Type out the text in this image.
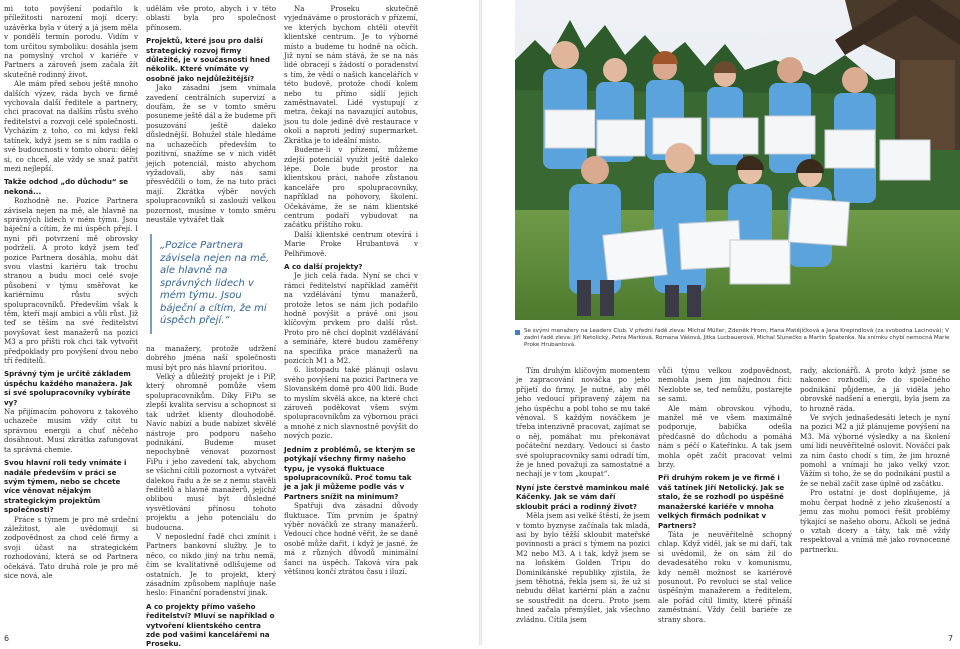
mi toto povýšení podařilo k příležitosti narození mojí dcery: uzávěrka byla v úterý a já jsem měla v pondělí termín porodu. Vidím v tom určitou symboliku: dosáhla jsem na pomyslný vrchol v kariéře v Partners a zároveň jsem začala žít skutečně rodinný život.

Ale mám před sebou ještě mnoho dalších výzev, ráda bych ve firmě vychovala další ředitele a partnery, chci pracovat na dalším růstu svého ředitelství a rozvoji celé společnosti. Vycházím z toho, co mi kdysi řekl tatínek, když jsem se s ním radila o své budoucnosti v tomto oboru: dělej si, co chceš, ale vždy se snaž patřit mezi nejlepší.

Takže odchod „do důchodu“ se nekoná...

Rozhodně ne. Pozice Partnera závisela nejen na mě, ale hlavně na správných lidech v mém týmu. Jsou báječní a cítím, že mi úspěch přejí. I nyní při potvrzení mě obrovsky podrželi. A proto když jsem teď pozice Partnera dosáhla, mohu dát svou vlastní kariéru tak trochu stranou a budu moci celé svoje působení v týmu směřovat ke kariérnímu růstu svých spolupracovníků. Především však k těm, kteří mají ambici a vůli růst. Již teď se těším na své ředitelství povyšovat šest manažerů na pozici M3 a pro přišti rok chci tak vytvořit předpoklady pro povýšení dvou nebo tří ředitelů.

Správný tým je určitě základem úspěchu každého manažera. Jak si své spolupracovníky vybíráte vy?

Na přijímacím pohovoru z takového uchazeče musím vždy cítit tu správnou energii a chuť něčeho dosáhnout. Musí zkrátka zafungovat ta správná chemie.

Svou hlavní roli tedy vnímáte i nadále především v práci se svým týmem, nebo se chcete více věnovat nějakým strategickým projektům společnosti?

Práce s týmem je pro mě srdeční záležitost, ale uvědomuji si zodpovědnost za chod celé firmy a svoji účast na strategickém rozhodování, která se od Partnera očekává. Tato druhá role je pro mě sice nová, ale

udělám vše proto, abych i v této oblasti byla pro společnost přínosem.

Projektů, které jsou pro další strategický rozvoj firmy důležité, je v současnosti hned několik. Které vnímáte vy osobně jako nejdůležitější?

Jako zásadní jsem vnímala zavedení centrálních supervizí a doufám, že se v tomto směru posuneme ještě dál a že budeme při posuzování ještě daleko důslednější. Bohužel stále hledáme na uchazečích především to pozitivní, snažíme se v nich vidět jejich potenciál, místo abychom vyžadovali, aby nás sami přesvědčili o tom, že na tuto práci mají. Zkrátka výběr nových spolupracovníků si zaslouží velkou pozornost, musíme v tomto směru neustále vytvářet tlak

„Pozice Partnera závisela nejen na mě, ale hlavně na správných lidech v mém týmu. Jsou báječní a cítím, že mi úspěch přejí.“

na manažery, protože udržení dobrého jména naší společnosti musí být pro nás hlavní prioritou.

Velký a důležitý projekt je i PiP, který ohromně pomůže všem spolupracovníkům. Díky FiPu se zlepší kvalita servisu a schopnost si tak udržet klienty dlouhodobě. Navíc nabízí a bude nabízet skvělé nástroje pro podporu našeho podnikání. Budeme muset nepochybně vénovat pozornost FiPu i jeho zavedení tak, abychom se všichni cítili pozornost a vytvářet dalekou řadu a že se z nemu stavěli ředitelů a hlavně manažerů, jejichž oblibou musí být důsledné vysvětlování přínosu tohoto projektu a jeho potenciálu do budoucna.

V neposlední řadě chci zmínit i Partners bankovní služby. Je to něco, co nikdo jiný na trhu nemá, čím se kvalitativně odlišujeme od ostatních. Je to projekt, který zásadním způsobem naplňuje naše heslo: Finanční poradenství jinak.

A co projekty přímo vašeho ředitelství? Mluví se například o vytvoření klientského centra zde pod vašimi kancelářemi na Proseku.

Na Proseku skutečně vyjednáváme o prostorách v přízemí, ve kterých bychom chtěli otevřít klientské centrum. Je to výborné místo a budeme tu hodně na očích. Již nyní se nám stává, že se na nás lidé obracejí s žádostí o poradenství s tím, že vědí o našich kancelářích v této budově, protože chodí kolem nebo tu přímo sídlí jejich zaměstnavatel. Lidé vystupují z metra, čekají na navazující autobus, jsou tu dole jedině dvě restaurace v okolí a naproti jediný supermarket. Zkrátka je to ideální místo.

Budeme-li v přízemí, můžeme zdejší potenciál využít ještě daleko lépe. Dole bude prostor na klientskou práci, nahoře zůstanou kanceláře pro spolupracovníky, například na pohovory, školení. Očekáváme, že se nám klientské centrum podaří vybudovat na začátku příštího roku.

Další klientské centrum otevírá i Marie Proke Hrubantová v Pelhřimově.

A co další projekty?

Je jich celá řada. Nyní se chci v rámci ředitelství například zaměřit na vzdělávání týmu manažerů, protože letos se nám jich podařilo hodně povýšit a právě oni jsou klíčovým prvkem pro další růst. Proto pro ně chci doplnit vzdělávání a semináře, které budou zaměřeny na specifika práce manažerů na pozicích M1 a M2.

6. listopadu také plánuji oslavu svého povýšení na pozici Partnera ve Slovanském domě pro 400 lidí. Bude to myslím skvělá akce, na které chci zároveň poděkovat všem svým spolupracovníkům za výbornou práci a mnohé z nich slavnostně povýšit do nových pozic.

Jedním z problémů, se kterým se potýkají všechny firmy našeho typu, je vysoká fluktuace spolupracovníků. Proč tomu tak je a jak ji můžeme podle vás v Partners snížit na minimum?

Spatřuji dva zásadní důvody fluktuace. Tím prvním je špatný výběr nováčků ze strany manažerů. Vedoucí chce hodně věřit, že se daně osobě může dařit, i když je jasné, že má z různých důvodů minimální šanci na úspěch. Taková víra pak většinou končí ztrátou času i iluzí.

Se svými manažery na Leaders Club. V přední řadě zleva: Michal Müller, Zdeněk Hrom, Hana Matějíčková a Jana Krepindlová (za svobodna Lacinová); V zadní řadě zleva: Jiří Netolický, Petra Marková, Romana Vášová, Jitka Lucbauerová, Michal Slunečko a Martin Špatenka. Na snímku chybí nemocná Marie Proke Hrubantová.

Tím druhým klíčovým momentem je zapracování nováčka po jeho příjetí do firmy. Je nutné, aby měl jeho vedoucí připravený zájem na jeho úspěchu a pobl toho se mu také věnoval. S každým nováčkem je třeba intenzivně pracovat, zajímat se o něj, pomáhat mu překonávat počáteční nezdary. Vedoucí si často své spolupracovníky sami odradí tím, že je hned považují za samostatné a nechají je v tom „koupat“.

Nyní jste čerstvě maminkou malé Káčenky. Jak se vám daří skloubit práci a rodinný život?

Měla jsem asi velké štěstí, že jsem v tomto byznyse začínala tak mladá, asi by bylo těžší skloubit mateřské povinnosti a práci s týmem na pozici M2 nebo M3. A i tak, když jsem se na loňském Golden Tripu do Dominikánské republiky zjistila, že jsem těhotná, řekla jsem si, že už si nebudu dělat kariérní plán a začnu se soustředit na dceru. Proto jsem hned začala přemýšlet, jak všechno zvládnu. Cítila jsem

vůči týmu velkou zodpovědnost, nemohla jsem jim najednou říci: Nezlobte se, teď nemůžu, postarejte se sami.

Ale mám obrovskou výhodu, manžel mě ve všem maximálně podporuje, babička odešla předčasně do důchodu a pomáhá nám s péčí o Kateřinku. A tak jsem mohla opět začít pracovat velmi brzy.

Při druhým rokem je ve firmě i váš tatínek Jiří Netolický. Jak se stalo, že se rozhodl po úspěšné manažerské kariéře v mnoha velkých firmách podnikat v Partners?

Táta je neuvěřitelně schopný chlap. Když viděl, jak se mi daří, tak si uvědomil, že on sám žil do devadesátého roku v komunismu, kdy neměl možnost se kariérově posunout. Po revoluci se stal velice úspěšným manažerem a ředitelem, ale pořád cítil limity, které přináší zaměstnání. Vždy čelil bariéře ze strany shora.

rady, akcionářů. A proto když jsme se nakonec rozhodli, že do společného podnikání půjdeme, a já viděla jeho obrovské nadšení a energii, byla jsem za to hrozně ráda.

Ve svých jednašedesáti letech je nyní na pozici M2 a již plánujeme povýšení na M3. Má výborné výsledky a na školení umí lidi neuvěřitelně oslovit. Nováčci pak za ním často chodí s tím, že jim hrozně pomohl a vnímají ho jako velký vzor. Vážím si toho, že se do podnikání pustil a že se nebál začít zase úplně od začátku.

Pro ostatní je dost doplňujeme, já mohu čerpat hodně z jeho zkušeností a jemu zas mohu pomoci řešit problémy týkající se našeho oboru. Ačkoli se jedná o vztah dcery a táty, tak mě vždy respektoval a vnímá mě jako rovnocenné partnerku.

6	7
